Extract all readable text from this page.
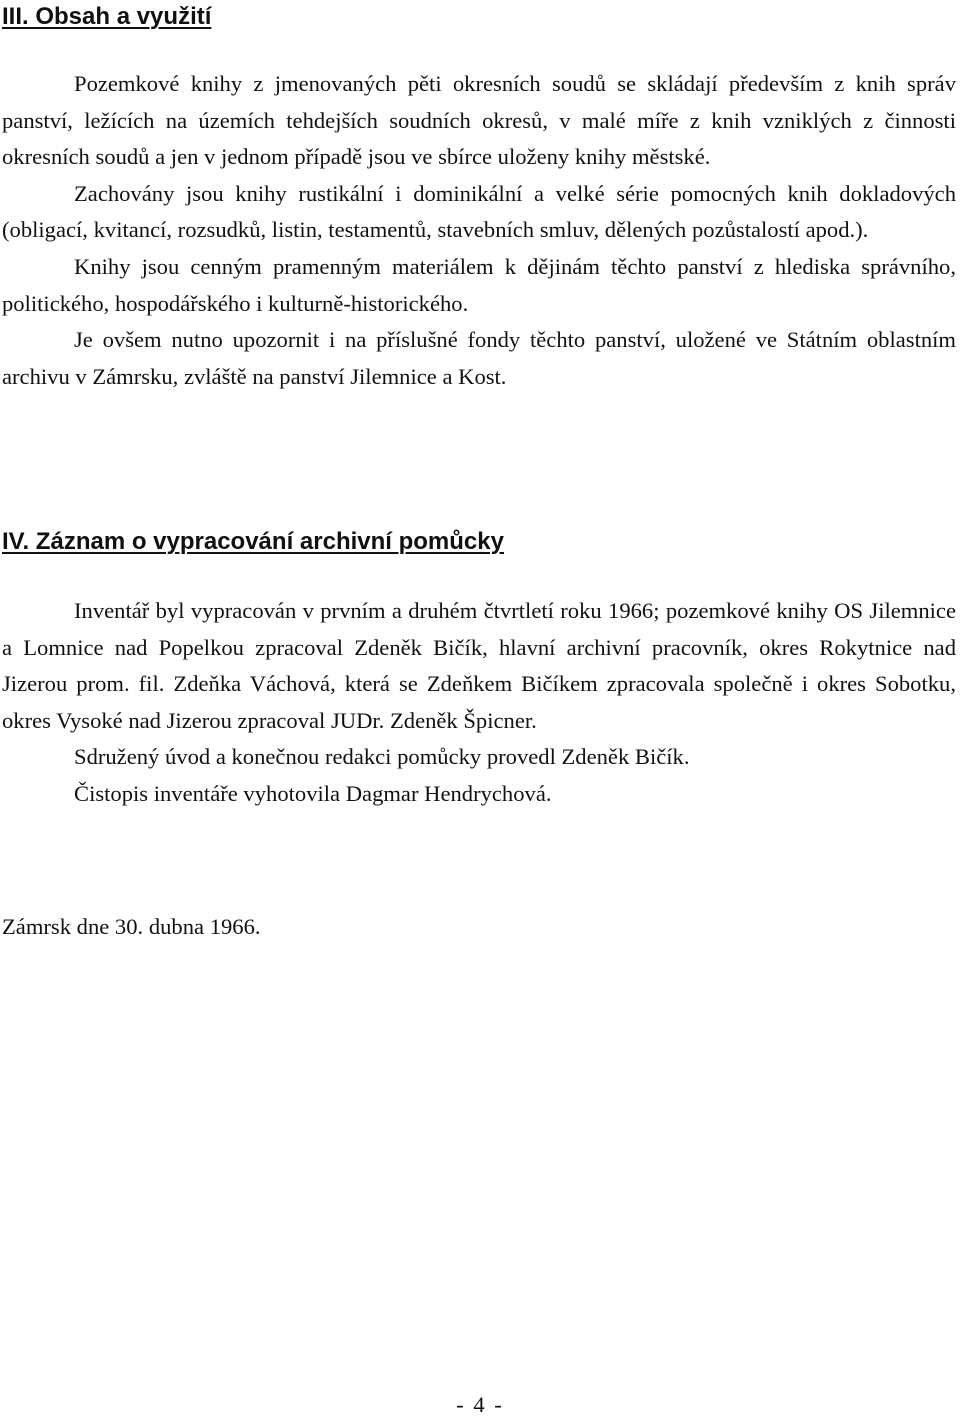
III. Obsah a využití

Pozemkové knihy z jmenovaných pěti okresních soudů se skládají především z knih správ panství, ležících na územích tehdejších soudních okresů, v malé míře z knih vzniklých z činnosti okresních soudů a jen v jednom případě jsou ve sbírce uloženy knihy městské.

Zachovány jsou knihy rustikální i dominikální a velké série pomocných knih dokladových (obligací, kvitancí, rozsudků, listin, testamentů, stavebních smluv, dělených pozůstalostí apod.).

Knihy jsou cenným pramenným materiálem k dějinám těchto panství z hlediska správního, politického, hospodářského i kulturně-historického.

Je ovšem nutno upozornit i na příslušné fondy těchto panství, uložené ve Státním oblastním archivu v Zámrsku, zvláště na panství Jilemnice a Kost.

IV. Záznam o vypracování archivní pomůcky

Inventář byl vypracován v prvním a druhém čtvrtletí roku 1966; pozemkové knihy OS Jilemnice a Lomnice nad Popelkou zpracoval Zdeněk Bičík, hlavní archivní pracovník, okres Rokytnice nad Jizerou prom. fil. Zdeňka Váchová, která se Zdeňkem Bičíkem zpracovala společně i okres Sobotku, okres Vysoké nad Jizerou zpracoval JUDr. Zdeněk Špicner.

Sdružený úvod a konečnou redakci pomůcky provedl Zdeněk Bičík.

Čistopis inventáře vyhotovila Dagmar Hendrychová.

Zámrsk dne 30. dubna 1966.

- 4 -
